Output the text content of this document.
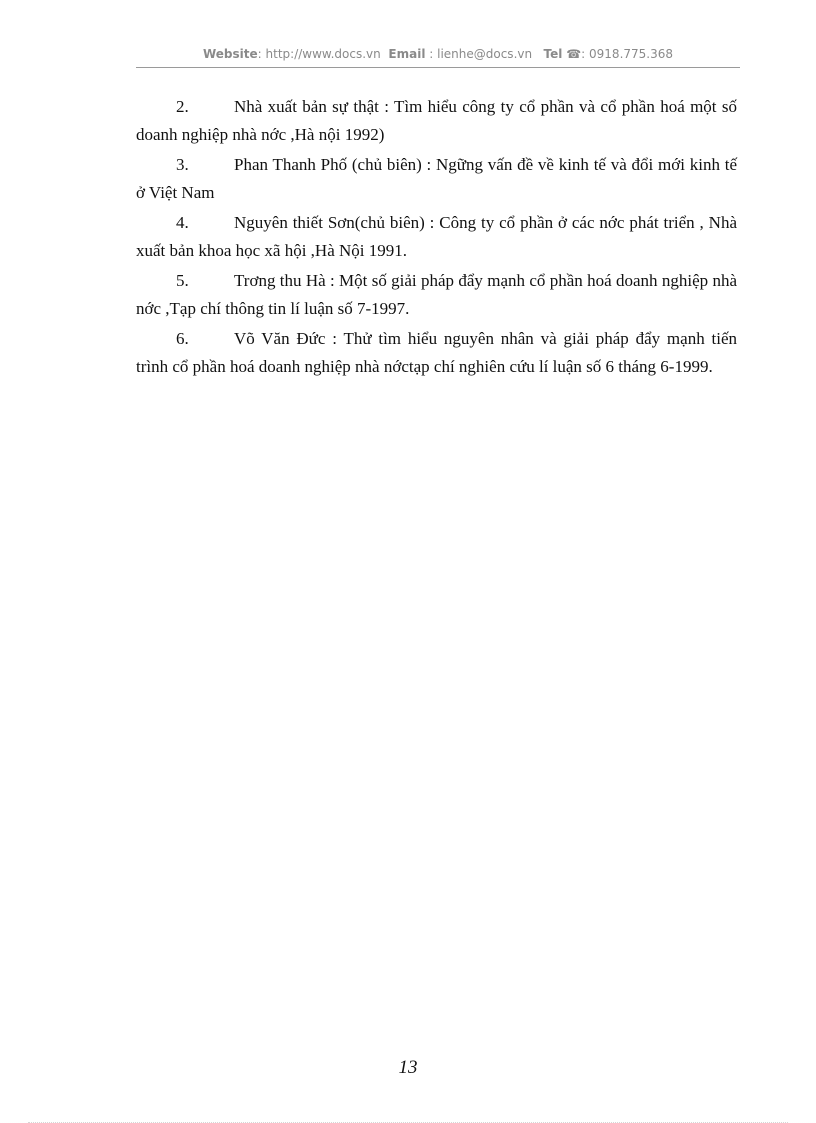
Website: http://www.docs.vn Email : lienhe@docs.vn Tel ☎: 0918.775.368
2.	Nhà xuất bản sự thật : Tìm hiểu công ty cổ phần và cổ phần hoá một số doanh nghiệp nhà nớc ,Hà nội 1992)
3.	Phan Thanh Phố (chủ biên) : Ngững vấn đề về kinh tế và đổi mới kinh tế ở Việt Nam
4.	Nguyên thiết Sơn(chủ biên) : Công ty cổ phần ở các nớc phát triển , Nhà xuất bản khoa học xã hội ,Hà Nội 1991.
5.	Trơng thu Hà : Một số giải pháp đẩy mạnh cổ phần hoá doanh nghiệp nhà nớc ,Tạp chí thông tin lí luận số 7-1997.
6.	Võ Văn Đức : Thử tìm hiểu nguyên nhân và giải pháp đẩy mạnh tiến trình cổ phần hoá doanh nghiệp nhà nớctạp chí nghiên cứu lí luận số 6 tháng 6-1999.
13
